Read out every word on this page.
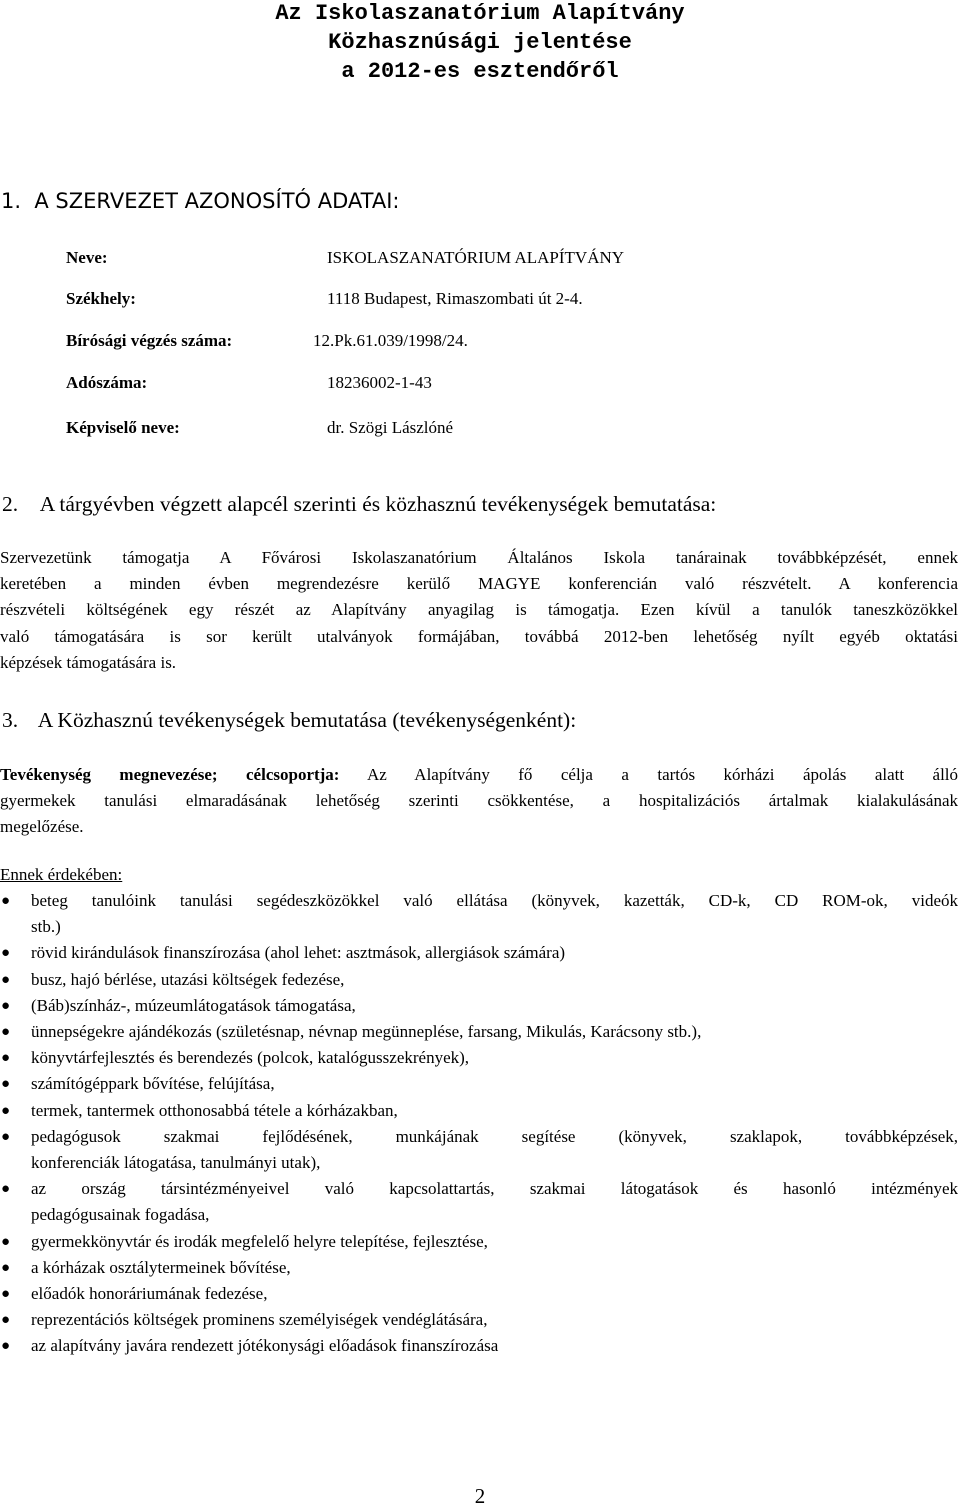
Az Iskolaszanatórium Alapítvány
Közhasznúsági jelentése
a 2012-es esztendőről
1.  A SZERVEZET AZONOSÍTÓ ADATAI:
Neve:	ISKOLASZANATÓRIUM ALAPÍTVÁNY
Székhely:	1118 Budapest, Rimaszombati út 2-4.
Bírósági végzés száma:	12.Pk.61.039/1998/24.
Adószáma:	18236002-1-43
Képviselő neve:	dr. Szögi Lászlóné
2. A tárgyévben végzett alapcél szerinti és közhasznú tevékenységek bemutatása:
Szervezetünk támogatja A Fővárosi Iskolaszanatórium Általános Iskola tanárainak továbbképzését, ennek
keretében a minden évben megrendezésre kerülő MAGYE konferencián való részvételt. A konferencia
részvételi költségének egy részét az Alapítvány anyagilag is támogatja. Ezen kívül a tanulók taneszközökkel
való támogatására is sor került utalványok formájában, továbbá 2012-ben lehetőség nyílt egyéb oktatási
képzések támogatására is.
3. A Közhasznú tevékenységek bemutatása (tevékenységenként):
Tevékenység megnevezése; célcsoportja: Az Alapítvány fő célja a tartós kórházi ápolás alatt álló
gyermekek tanulási elmaradásának lehetőség szerinti csökkentése, a hospitalizációs ártalmak kialakulásának
megelőzése.
Ennek érdekében:
● beteg tanulóink tanulási segédeszközökkel való ellátása (könyvek, kazetták, CD-k, CD ROM-ok, videók
stb.)
● rövid kirándulások finanszírozása (ahol lehet: asztmások, allergiások számára)
● busz, hajó bérlése, utazási költségek fedezése,
● (Báb)színház-, múzeumlátogatások támogatása,
● ünnepségekre ajándékozás (születésnap, névnap megünneplése, farsang, Mikulás, Karácsony stb.),
● könyvtárfejlesztés és berendezés (polcok, katalógusszekrények),
● számítógéppark bővítése, felújítása,
● termek, tantermek otthonosabbá tétele a kórházakban,
● pedagógusok szakmai fejlődésének, munkájának segítése (könyvek, szaklapok, továbbképzések,
konferenciák látogatása, tanulmányi utak),
● az ország társintézményeivel való kapcsolattartás, szakmai látogatások és hasonló intézmények
pedagógusainak fogadása,
● gyermekkönyvtár és irodák megfelelő helyre telepítése, fejlesztése,
● a kórházak osztálytermeinek bővítése,
● előadók honoráriumának fedezése,
● reprezentációs költségek prominens személyiségek vendéglátására,
● az alapítvány javára rendezett jótékonysági előadások finanszírozása
2
